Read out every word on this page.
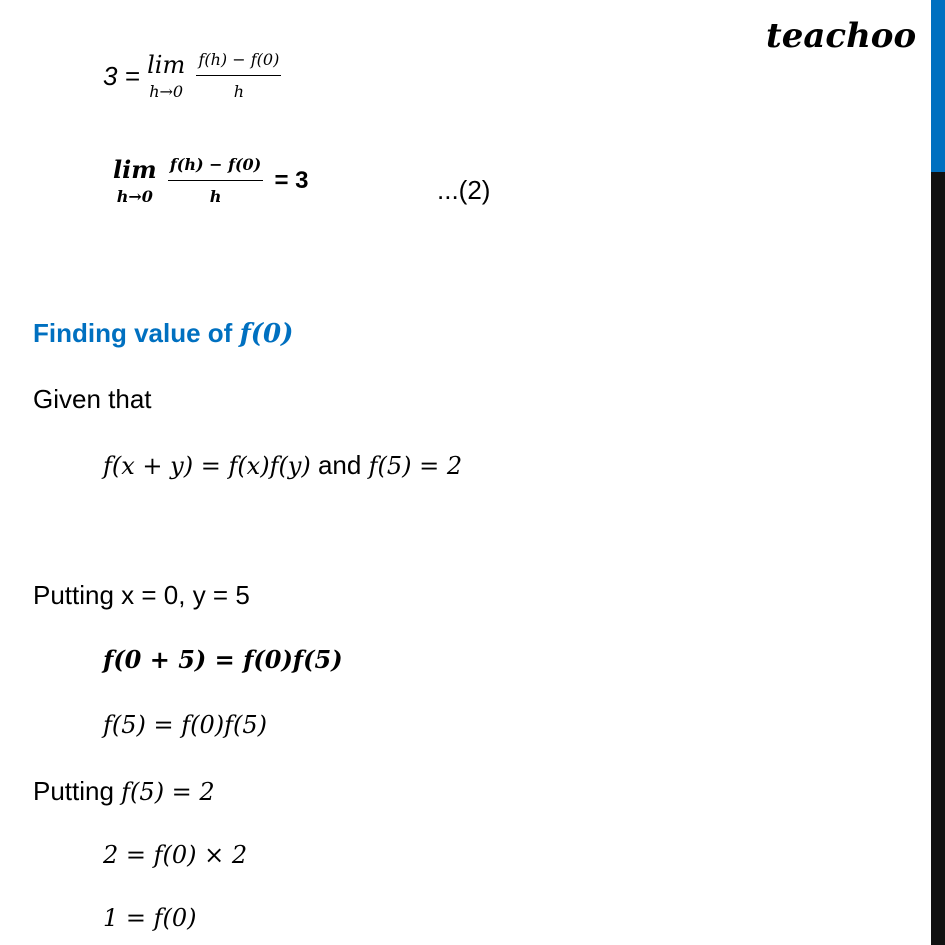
teachoo
3 = lim
h→0
$\frac{f(h) - f(0)}{h}$
lim
h→0
$\frac{f(h) - f(0)}{h} = 3$	...(2)
Finding value of f(0)
Given that
f(x + y) = f(x)f(y) and f(5) = 2
Putting x = 0, y = 5
f(0 + 5) = f(0)f(5)
f(5) = f(0)f(5)
Putting f(5) = 2
2 = f(0) × 2
1 = f(0)
